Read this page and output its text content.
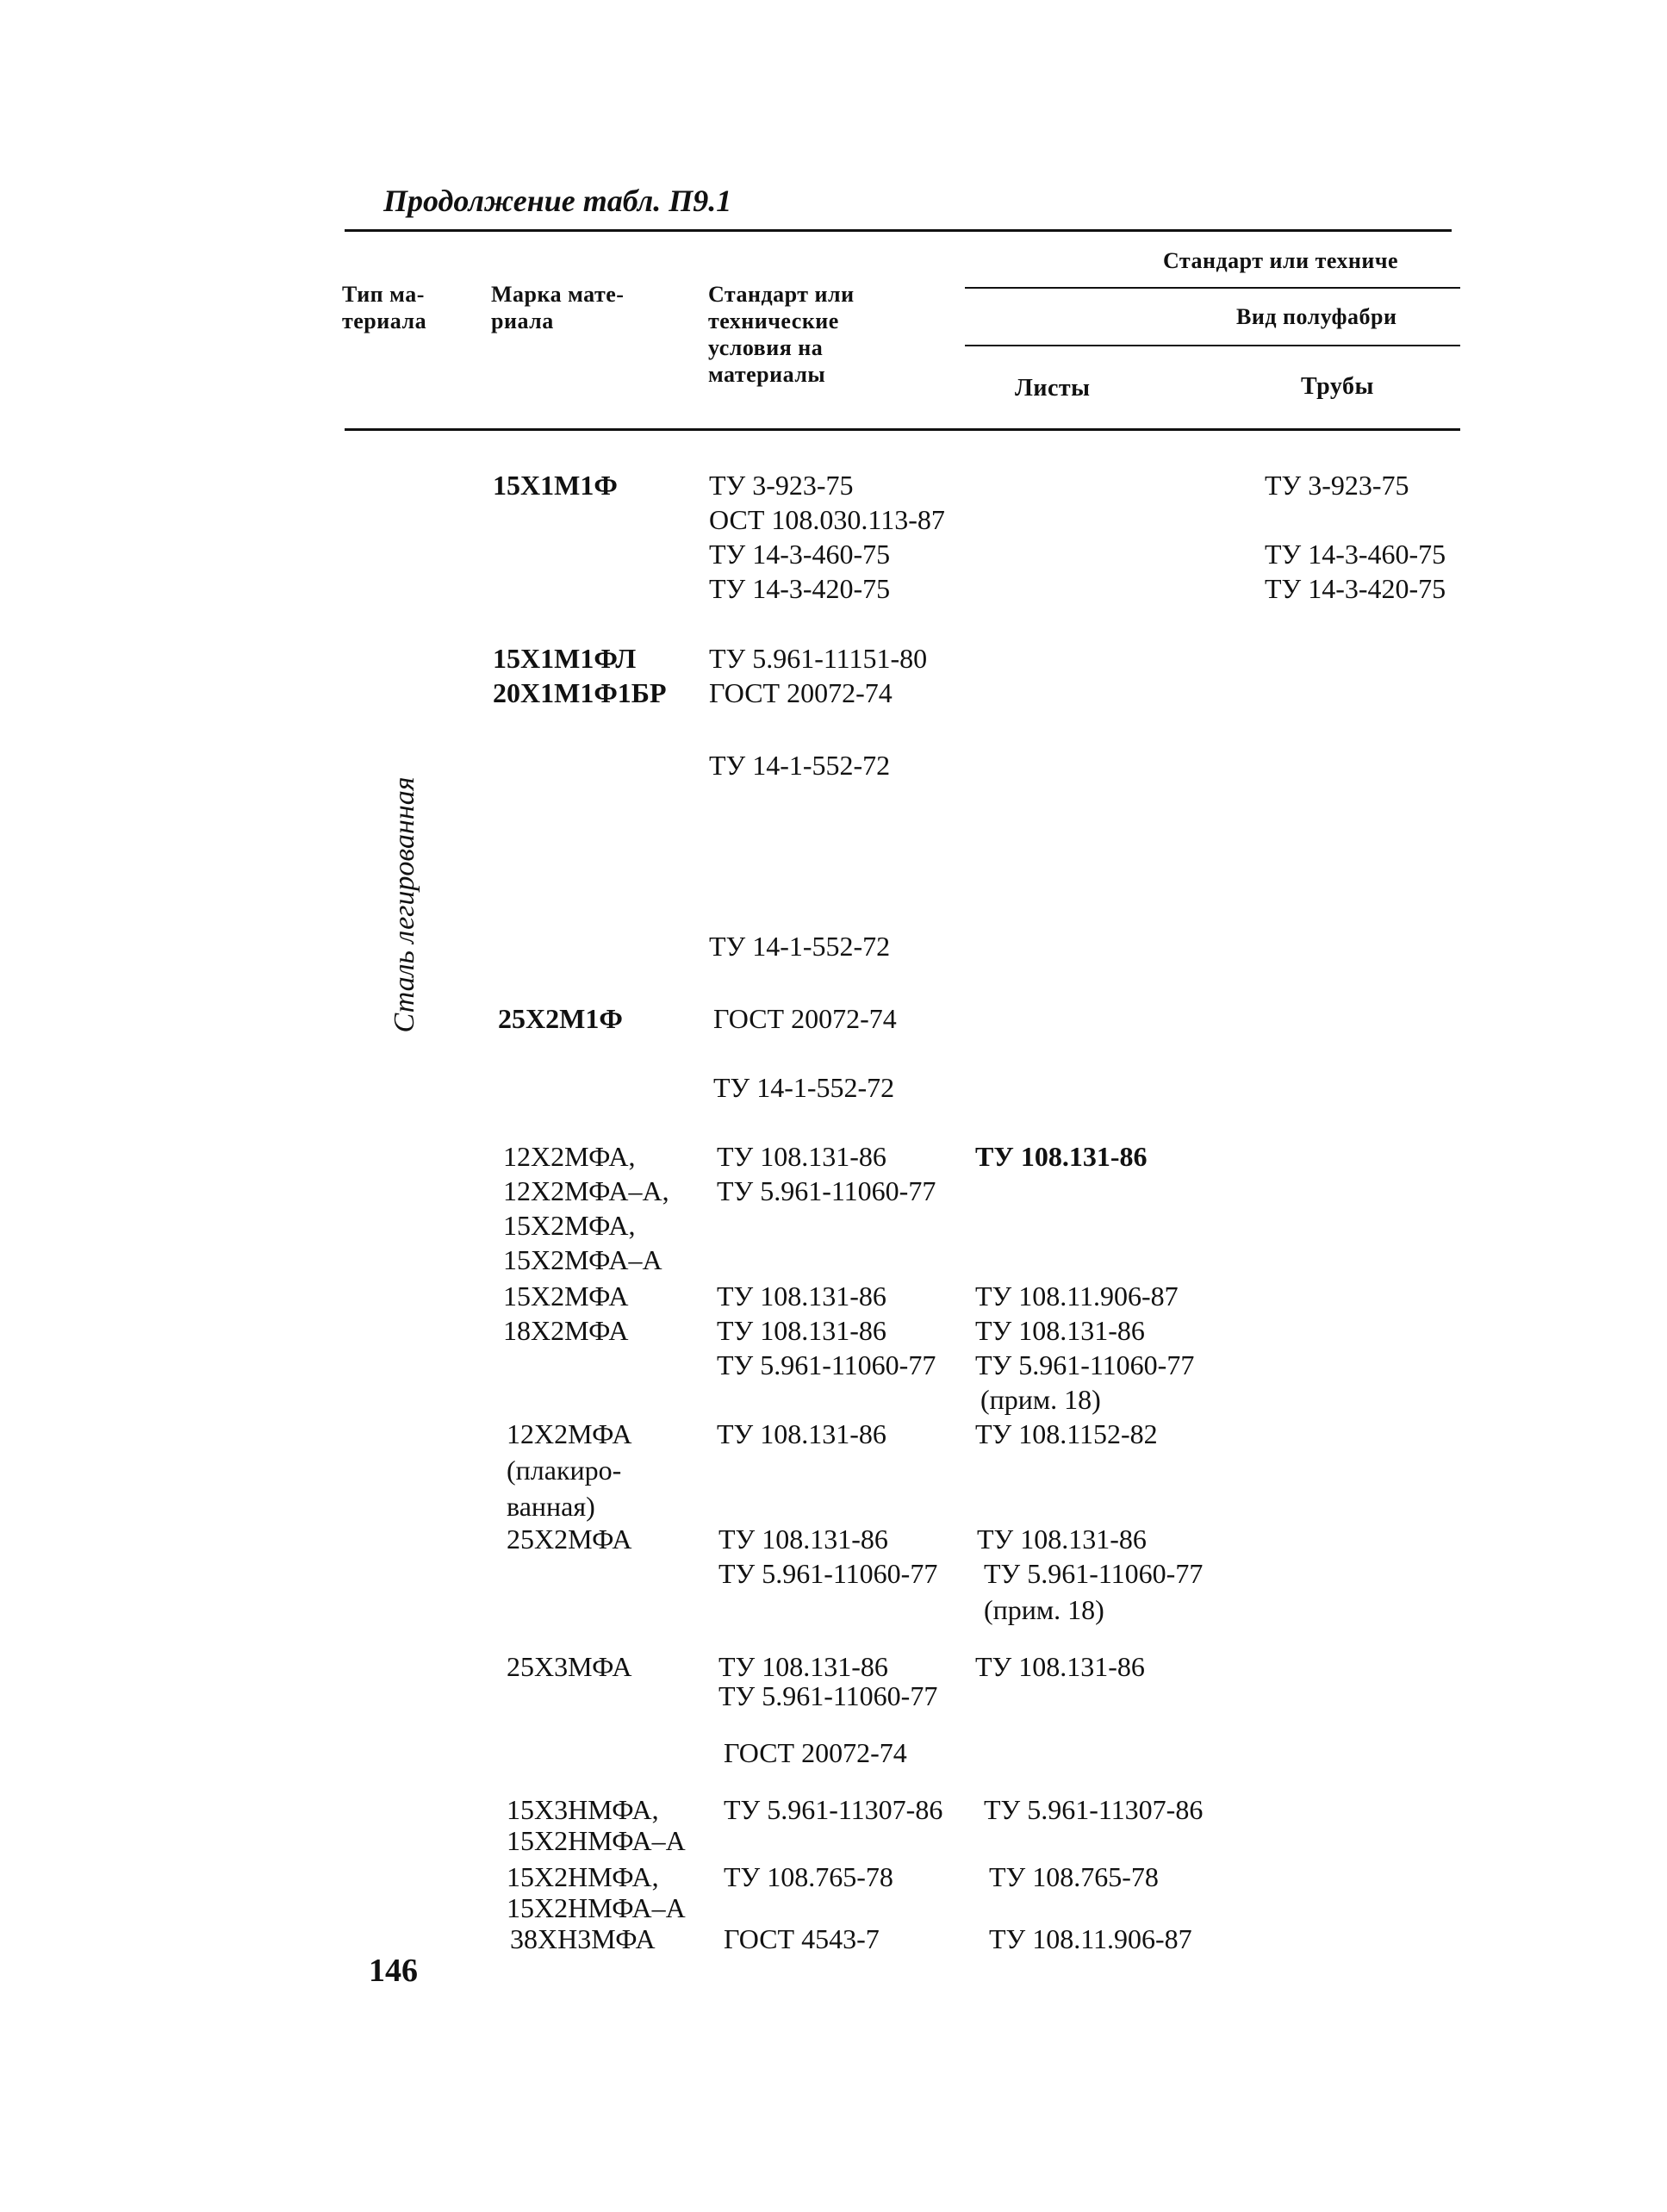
Продолжение табл. П9.1
Тип ма-
териала
Марка мате-
риала
Стандарт или
технические
условия на
материалы
Стандарт или техниче
Вид полуфабри
Листы	Трубы
Сталь легированная
15Х1М1Ф
15Х1М1ФЛ
20Х1М1Ф1БР
25Х2М1Ф
12Х2МФА,
12Х2МФА–А,
15Х2МФА,
15Х2МФА–А
15Х2МФА
18Х2МФА
12Х2МФА
(плакиро-
ванная)
25Х2МФА
25Х3МФА
15Х3НМФА,
15Х2НМФА–А
15Х2НМФА,
15Х2НМФА–А
38ХН3МФА
ТУ 3-923-75
ОСТ 108.030.113-87
ТУ 14-3-460-75
ТУ 14-3-420-75
ТУ 5.961-11151-80
ГОСТ 20072-74
ТУ 14-1-552-72
ТУ 14-1-552-72
ГОСТ 20072-74
ТУ 14-1-552-72
ТУ 108.131-86
ТУ 5.961-11060-77
ТУ 108.131-86
ТУ 108.131-86
ТУ 5.961-11060-77
ТУ 108.131-86
ТУ 108.131-86
ТУ 5.961-11060-77
ТУ 108.131-86
ТУ 5.961-11060-77
ГОСТ 20072-74
ТУ 5.961-11307-86
ТУ 108.765-78
ГОСТ 4543-7
ТУ 108.131-86
ТУ 108.11.906-87
ТУ 108.131-86
ТУ 5.961-11060-77
(прим. 18)
ТУ 108.1152-82
ТУ 108.131-86
ТУ 5.961-11060-77
(прим. 18)
ТУ 108.131-86
ТУ 5.961-11307-86
ТУ 108.765-78
ТУ 108.11.906-87
ТУ 3-923-75
ТУ 14-3-460-75
ТУ 14-3-420-75
146
